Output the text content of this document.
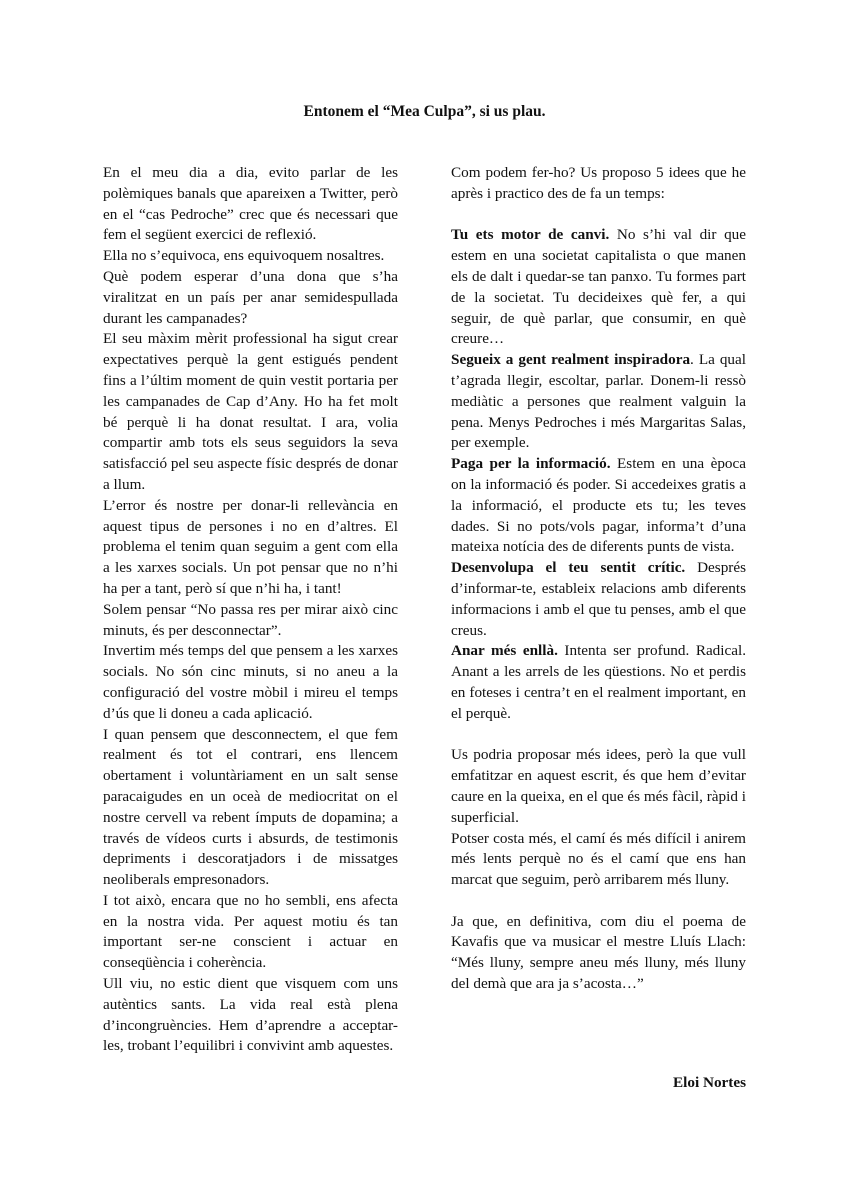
Entonem el “Mea Culpa”, si us plau.

En el meu dia a dia, evito parlar de les polèmiques banals que apareixen a Twitter, però en el “cas Pedroche” crec que és necessari que fem el següent exercici de reflexió.

Ella no s’equivoca, ens equivoquem nosaltres.

Què podem esperar d’una dona que s’ha viralitzat en un país per anar semidespullada durant les campanades?

El seu màxim mèrit professional ha sigut crear expectatives perquè la gent estigués pendent fins a l’últim moment de quin vestit portaria per les campanades de Cap d’Any. Ho ha fet molt bé perquè li ha donat resultat. I ara, volia compartir amb tots els seus seguidors la seva satisfacció pel seu aspecte físic després de donar a llum.

L’error és nostre per donar-li rellevància en aquest tipus de persones i no en d’altres. El problema el tenim quan seguim a gent com ella a les xarxes socials. Un pot pensar que no n’hi ha per a tant, però sí que n’hi ha, i tant!

Solem pensar “No passa res per mirar això cinc minuts, és per desconnectar”.

Invertim més temps del que pensem a les xarxes socials. No són cinc minuts, si no aneu a la configuració del vostre mòbil i mireu el temps d’ús que li doneu a cada aplicació.

I quan pensem que desconnectem, el que fem realment és tot el contrari, ens llencem obertament i voluntàriament en un salt sense paracaigudes en un oceà de mediocritat on el nostre cervell va rebent ímputs de dopamina; a través de vídeos curts i absurds, de testimonis depriments i descoratjadors i de missatges neoliberals empresonadors.

I tot això, encara que no ho sembli, ens afecta en la nostra vida. Per aquest motiu és tan important ser-ne conscient i actuar en conseqüència i coherència.

Ull viu, no estic dient que visquem com uns autèntics sants. La vida real està plena d’incongruències. Hem d’aprendre a acceptar-les, trobant l’equilibri i convivint amb aquestes.

Com podem fer-ho? Us proposo 5 idees que he après i practico des de fa un temps:

Tu ets motor de canvi. No s’hi val dir que estem en una societat capitalista o que manen els de dalt i quedar-se tan panxo. Tu formes part de la societat. Tu decideixes què fer, a qui seguir, de què parlar, que consumir, en què creure…

Segueix a gent realment inspiradora. La qual t’agrada llegir, escoltar, parlar. Donem-li ressò mediàtic a persones que realment valguin la pena. Menys Pedroches i més Margaritas Salas, per exemple.

Paga per la informació. Estem en una època on la informació és poder. Si accedeixes gratis a la informació, el producte ets tu; les teves dades. Si no pots/vols pagar, informa’t d’una mateixa notícia des de diferents punts de vista.

Desenvolupa el teu sentit crític. Després d’informar-te, estableix relacions amb diferents informacions i amb el que tu penses, amb el que creus.

Anar més enllà. Intenta ser profund. Radical. Anant a les arrels de les qüestions. No et perdis en foteses i centra’t en el realment important, en el perquè.

Us podria proposar més idees, però la que vull emfatitzar en aquest escrit, és que hem d’evitar caure en la queixa, en el que és més fàcil, ràpid i superficial.

Potser costa més, el camí és més difícil i anirem més lents perquè no és el camí que ens han marcat que seguim, però arribarem més lluny.

Ja que, en definitiva, com diu el poema de Kavafis que va musicar el mestre Lluís Llach: “Més lluny, sempre aneu més lluny, més lluny del demà que ara ja s’acosta…”

Eloi Nortes
